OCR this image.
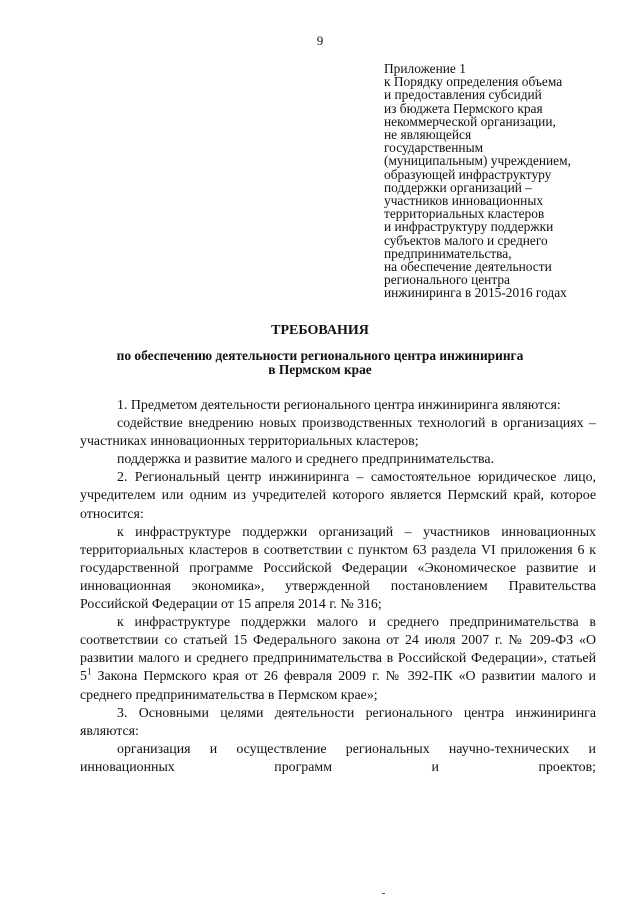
9
Приложение 1
к Порядку определения объема
и предоставления субсидий
из бюджета Пермского края
некоммерческой организации,
не являющейся
государственным
(муниципальным) учреждением,
образующей инфраструктуру
поддержки организаций –
участников инновационных
территориальных кластеров
и инфраструктуру поддержки
субъектов малого и среднего
предпринимательства,
на обеспечение деятельности
регионального центра
инжиниринга в 2015-2016 годах
ТРЕБОВАНИЯ
по обеспечению деятельности регионального центра инжиниринга
в Пермском крае

1. Предметом деятельности регионального центра инжиниринга являются:

содействие внедрению новых производственных технологий в организациях – участниках инновационных территориальных кластеров;

поддержка и развитие малого и среднего предпринимательства.

2. Региональный центр инжиниринга – самостоятельное юридическое лицо, учредителем или одним из учредителей которого является Пермский край, которое относится:

к инфраструктуре поддержки организаций – участников инновационных территориальных кластеров в соответствии с пунктом 63 раздела VI приложения 6 к государственной программе Российской Федерации «Экономическое развитие и инновационная экономика», утвержденной постановлением Правительства Российской Федерации от 15 апреля 2014 г. № 316;

к инфраструктуре поддержки малого и среднего предпринимательства в соответствии со статьей 15 Федерального закона от 24 июля 2007 г. № 209-ФЗ «О развитии малого и среднего предпринимательства в Российской Федерации», статьей $5^1$ Закона Пермского края от 26 февраля 2009 г. № 392-ПК «О развитии малого и среднего предпринимательства в Пермском крае»;

3. Основными целями деятельности регионального центра инжиниринга являются:

организация и осуществление региональных научно-технических и инновационных программ и проектов;
